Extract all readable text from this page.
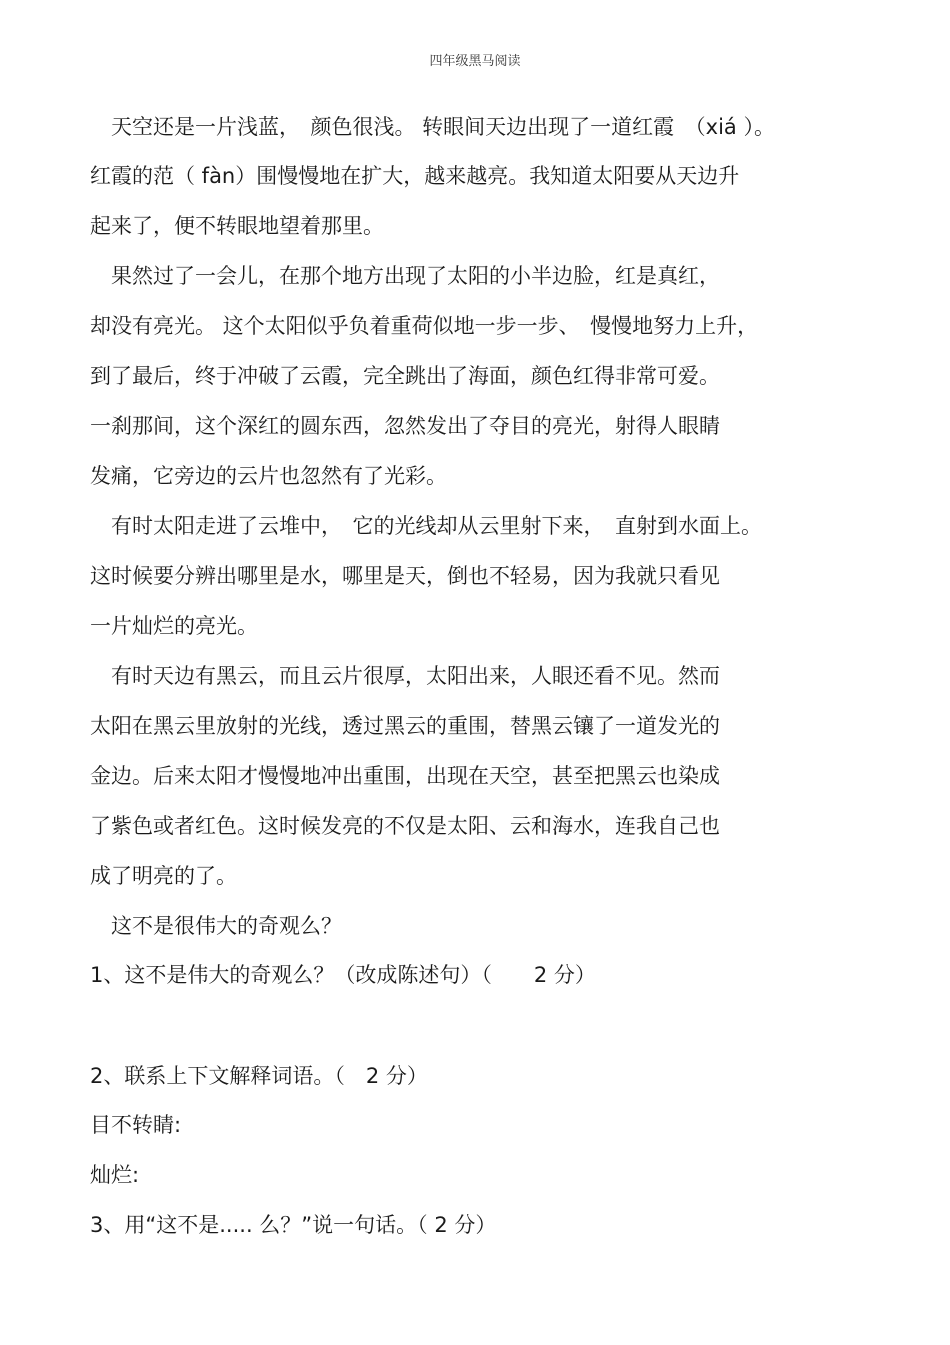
四年级黑马阅读
　天空还是一片浅蓝，　颜色很浅。 转眼间天边出现了一道红霞　（xiá ）。
红霞的范（ fàn）围慢慢地在扩大，越来越亮。我知道太阳要从天边升
起来了，便不转眼地望着那里。
　果然过了一会儿，在那个地方出现了太阳的小半边脸，红是真红，
却没有亮光。 这个太阳似乎负着重荷似地一步一步、　慢慢地努力上升，
到了最后，终于冲破了云霞，完全跳出了海面，颜色红得非常可爱。
一刹那间，这个深红的圆东西，忽然发出了夺目的亮光，射得人眼睛
发痛，它旁边的云片也忽然有了光彩。
　有时太阳走进了云堆中，　它的光线却从云里射下来，　直射到水面上。
这时候要分辨出哪里是水，哪里是天，倒也不轻易，因为我就只看见
一片灿烂的亮光。
　有时天边有黑云，而且云片很厚，太阳出来，人眼还看不见。然而
太阳在黑云里放射的光线，透过黑云的重围，替黑云镶了一道发光的
金边。后来太阳才慢慢地冲出重围，出现在天空，甚至把黑云也染成
了紫色或者红色。这时候发亮的不仅是太阳、云和海水，连我自己也
成了明亮的了。
　这不是很伟大的奇观么？
1、这不是伟大的奇观么？（改成陈述句）（　　2 分）
2、联系上下文解释词语。（　2 分）
目不转睛:
灿烂:
3、用“这不是..... 么？”说一句话。（ 2 分）
